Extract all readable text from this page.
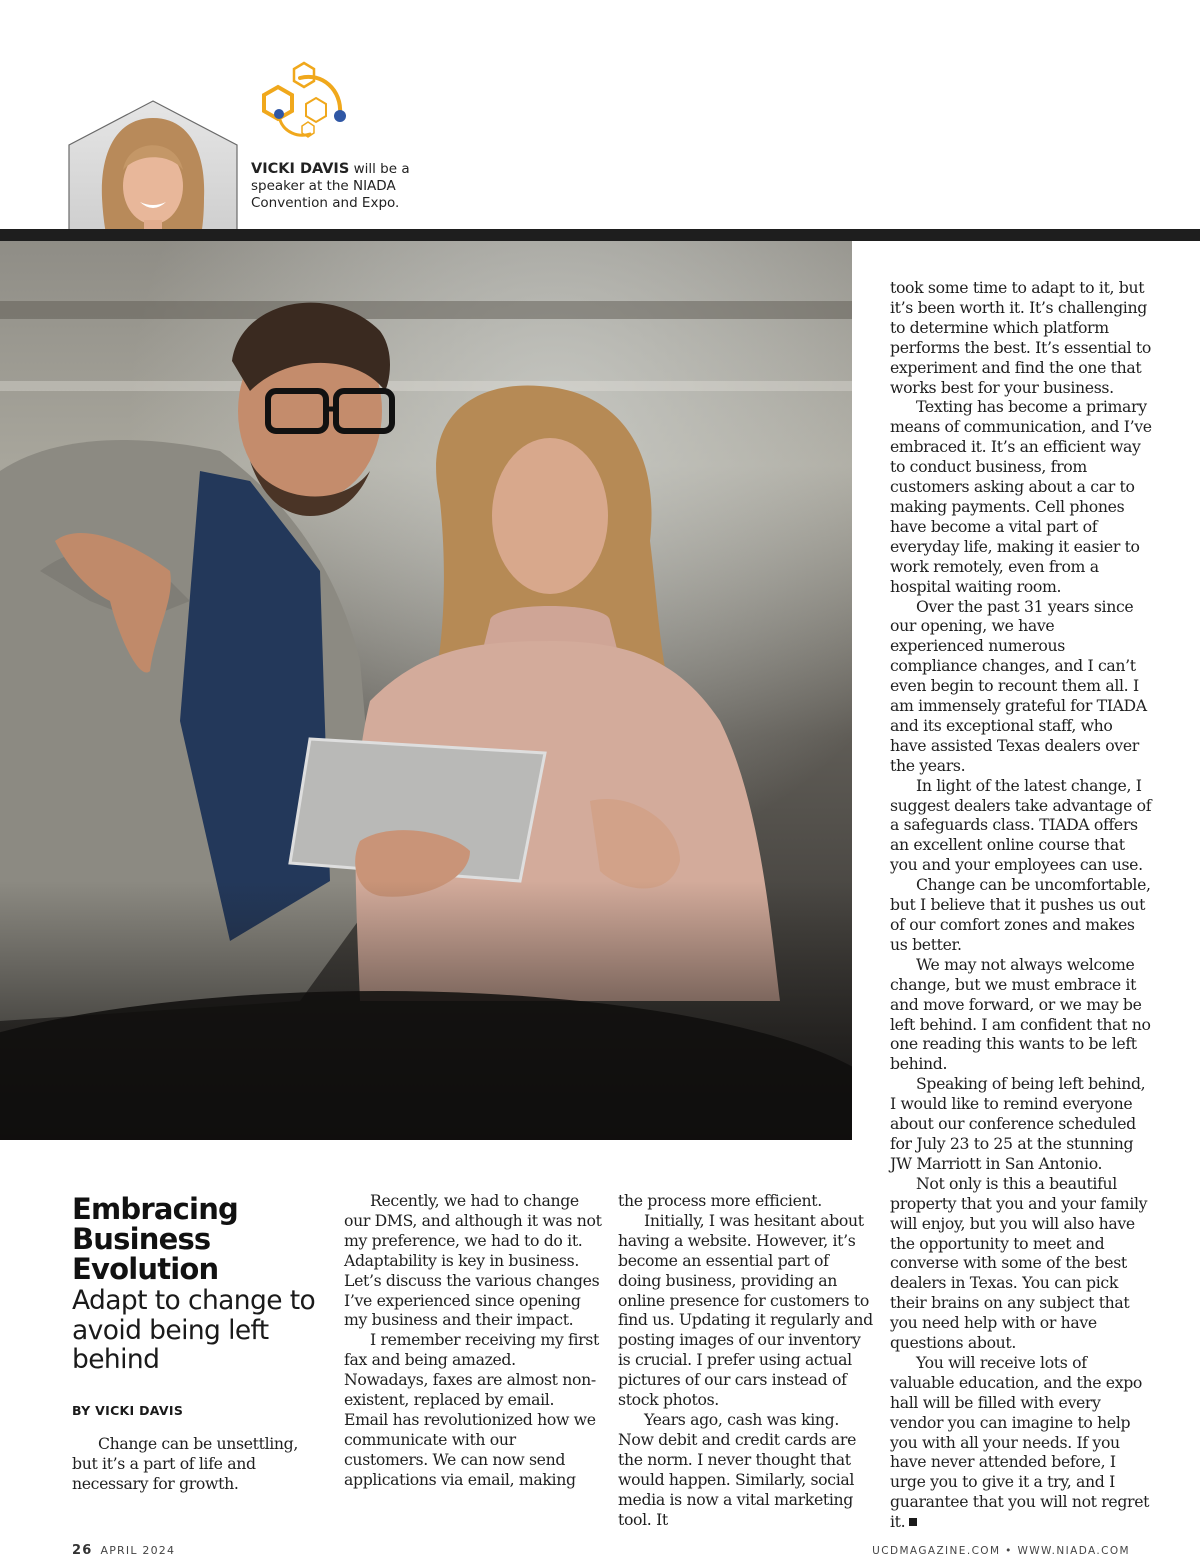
VICKI DAVIS will be a speaker at the NIADA Convention and Expo.
Embracing Business Evolution
Adapt to change to avoid being left behind
BY VICKI DAVIS

Change can be unsettling, but it’s a part of life and necessary for growth.

Recently, we had to change our DMS, and although it was not my preference, we had to do it. Adaptability is key in business. Let’s discuss the various changes I’ve experienced since opening my business and their impact.

I remember receiving my first fax and being amazed. Nowadays, faxes are almost non-existent, replaced by email. Email has revolutionized how we communicate with our customers. We can now send applications via email, making

the process more efficient.

Initially, I was hesitant about having a website. However, it’s become an essential part of doing business, providing an online presence for customers to find us. Updating it regularly and posting images of our inventory is crucial. I prefer using actual pictures of our cars instead of stock photos.

Years ago, cash was king. Now debit and credit cards are the norm. I never thought that would happen. Similarly, social media is now a vital marketing tool. It

took some time to adapt to it, but it’s been worth it. It’s challenging to determine which platform performs the best. It’s essential to experiment and find the one that works best for your business.

Texting has become a primary means of communication, and I’ve embraced it. It’s an efficient way to conduct business, from customers asking about a car to making payments. Cell phones have become a vital part of everyday life, making it easier to work remotely, even from a hospital waiting room.

Over the past 31 years since our opening, we have experienced numerous compliance changes, and I can’t even begin to recount them all. I am immensely grateful for TIADA and its exceptional staff, who have assisted Texas dealers over the years.

In light of the latest change, I suggest dealers take advantage of a safeguards class. TIADA offers an excellent online course that you and your employees can use.

Change can be uncomfortable, but I believe that it pushes us out of our comfort zones and makes us better.

We may not always welcome change, but we must embrace it and move forward, or we may be left behind. I am confident that no one reading this wants to be left behind.

Speaking of being left behind, I would like to remind everyone about our conference scheduled for July 23 to 25 at the stunning JW Marriott in San Antonio.

Not only is this a beautiful property that you and your family will enjoy, but you will also have the opportunity to meet and converse with some of the best dealers in Texas. You can pick their brains on any subject that you need help with or have questions about.

You will receive lots of valuable education, and the expo hall will be filled with every vendor you can imagine to help you with all your needs. If you have never attended before, I urge you to give it a try, and I guarantee that you will not regret it.

26 APRIL 2024	UCDMAGAZINE.COM • WWW.NIADA.COM
